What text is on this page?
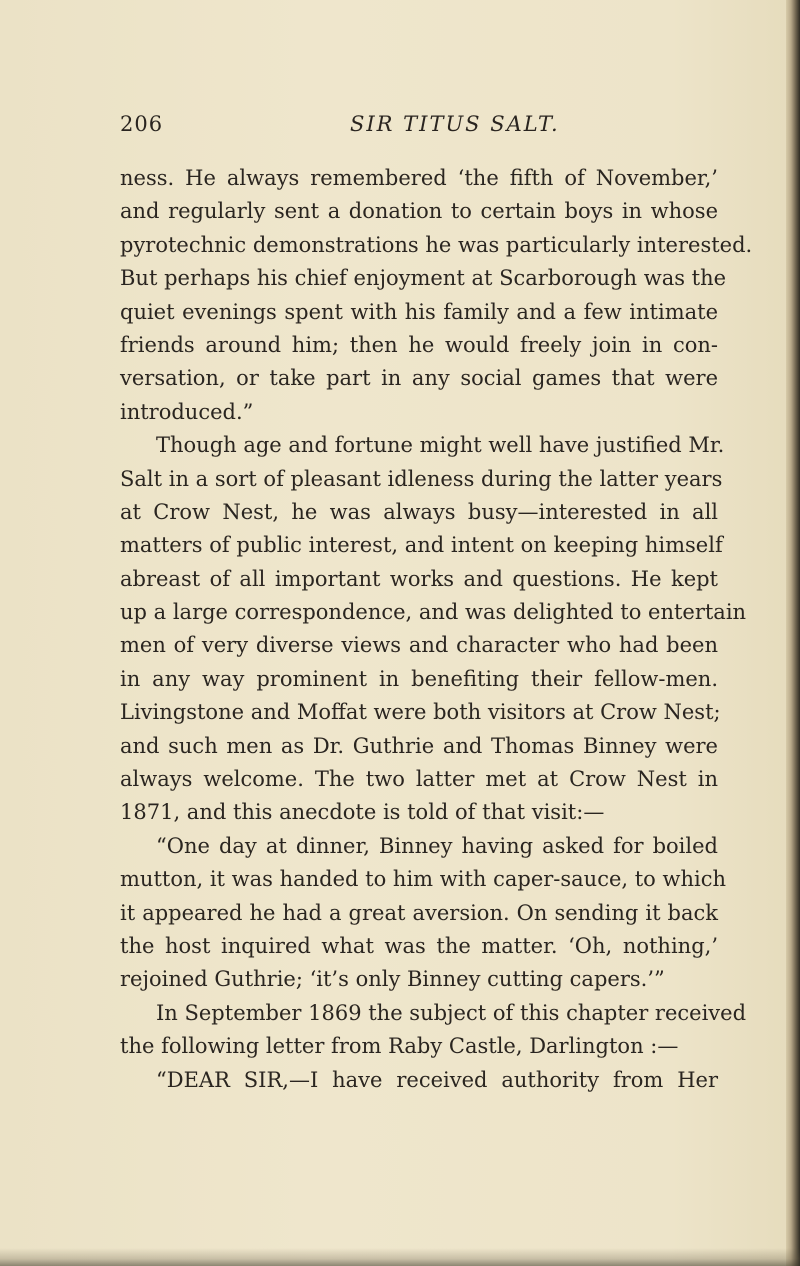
206	SIR TITUS SALT.
ness. He always remembered ‘the fifth of November,’
and regularly sent a donation to certain boys in whose
pyrotechnic demonstrations he was particularly interested.
But perhaps his chief enjoyment at Scarborough was the
quiet evenings spent with his family and a few intimate
friends around him; then he would freely join in con-
versation, or take part in any social games that were
introduced.”
Though age and fortune might well have justified Mr.
Salt in a sort of pleasant idleness during the latter years
at Crow Nest, he was always busy—interested in all
matters of public interest, and intent on keeping himself
abreast of all important works and questions. He kept
up a large correspondence, and was delighted to entertain
men of very diverse views and character who had been
in any way prominent in benefiting their fellow-men.
Livingstone and Moffat were both visitors at Crow Nest;
and such men as Dr. Guthrie and Thomas Binney were
always welcome. The two latter met at Crow Nest in
1871, and this anecdote is told of that visit:—
“One day at dinner, Binney having asked for boiled
mutton, it was handed to him with caper-sauce, to which
it appeared he had a great aversion. On sending it back
the host inquired what was the matter. ‘Oh, nothing,’
rejoined Guthrie; ‘it’s only Binney cutting capers.’”
In September 1869 the subject of this chapter received
the following letter from Raby Castle, Darlington :—
“DEAR SIR,—I have received authority from Her
